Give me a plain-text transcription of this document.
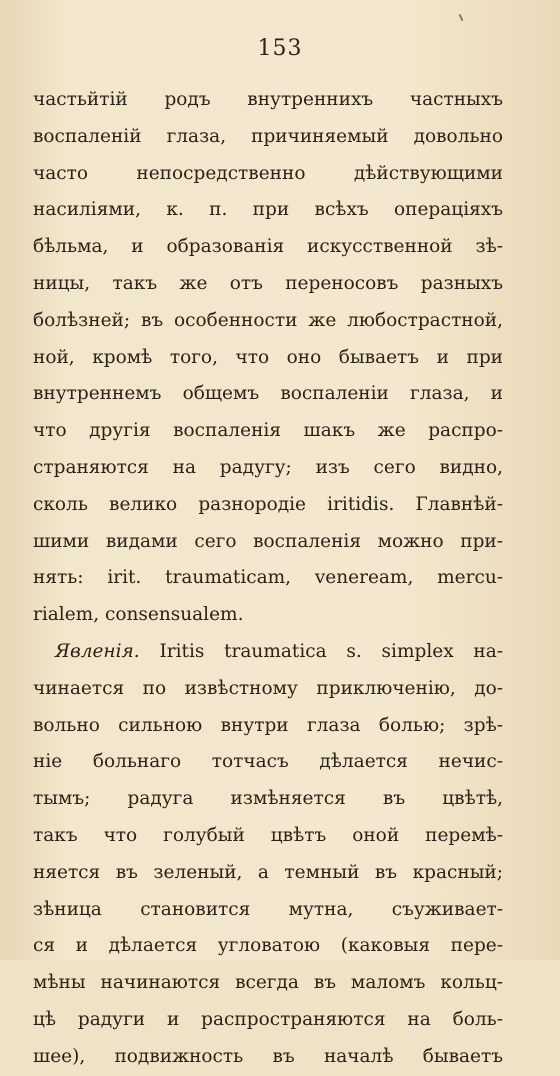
153
частьйтій родъ внутреннихъ частныхъ
воспаленій глаза, причиняемый довольно
часто непосредственно дѣйствующими
насиліями, к. п. при всѣхъ операціяхъ
бѣльма, и образованія искусственной зѣ-
ницы, такъ же отъ переносовъ разныхъ
болѣзней; въ особенности же любострастной,
ной, кромѣ того, что оно бываетъ и при
внутреннемъ общемъ воспаленіи глаза, и
что другія воспаленія шакъ же распро-
страняются на радугу; изъ сего видно,
сколь велико разнородіе iritidis. Главнѣй-
шими видами сего воспаленія можно при-
нять: irit. traumaticam, veneream, mercu-
rialem, consensualem.
Явленія. Iritis traumatica s. simplex на-
чинается по извѣстному приключенію, до-
вольно сильною внутри глаза болью; зрѣ-
ніе больнаго тотчасъ дѣлается нечис-
тымъ; радуга измѣняется въ цвѣтѣ,
такъ что голубый цвѣтъ оной перемѣ-
няется въ зеленый, а темный въ красный;
зѣница становится мутна, съуживает-
ся и дѣлается угловатою (каковыя пере-
мѣны начинаются всегда въ маломъ кольц-
цѣ радуги и распространяются на боль-
шее), подвижность въ началѣ бываетъ
